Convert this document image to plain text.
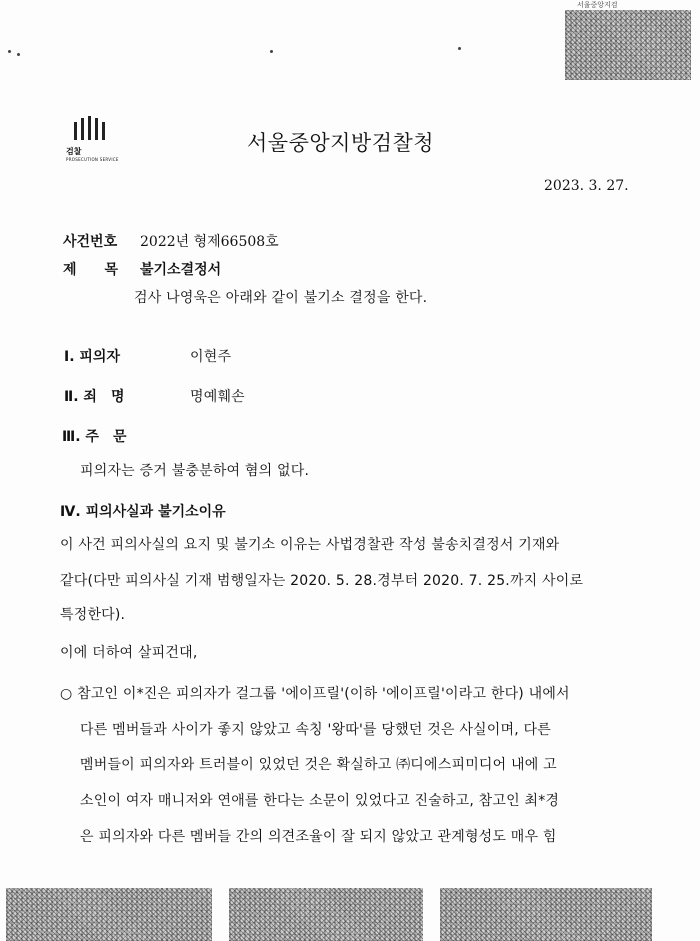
서울중앙지검
검찰
PROSECUTION SERVICE
서울중앙지방검찰청
2023. 3. 27.
사건번호 2022년 형제66508호
제　　목 불기소결정서
검사 나영욱은 아래와 같이 불기소 결정을 한다.
Ⅰ. 피의자	이현주
Ⅱ. 죄　명	명예훼손
Ⅲ. 주　문
피의자는 증거 불충분하여 혐의 없다.
Ⅳ. 피의사실과 불기소이유
이 사건 피의사실의 요지 및 불기소 이유는 사법경찰관 작성 불송치결정서 기재와
같다(다만 피의사실 기재 범행일자는 2020. 5. 28.경부터 2020. 7. 25.까지 사이로
특정한다).
이에 더하여 살피건대,
○ 참고인 이*진은 피의자가 걸그룹 '에이프릴'(이하 '에이프릴'이라고 한다) 내에서
다른 멤버들과 사이가 좋지 않았고 속칭 '왕따'를 당했던 것은 사실이며, 다른
멤버들이 피의자와 트러블이 있었던 것은 확실하고 ㈜디에스피미디어 내에 고
소인이 여자 매니저와 연애를 한다는 소문이 있었다고 진술하고, 참고인 최*경
은 피의자와 다른 멤버들 간의 의견조율이 잘 되지 않았고 관계형성도 매우 힘
